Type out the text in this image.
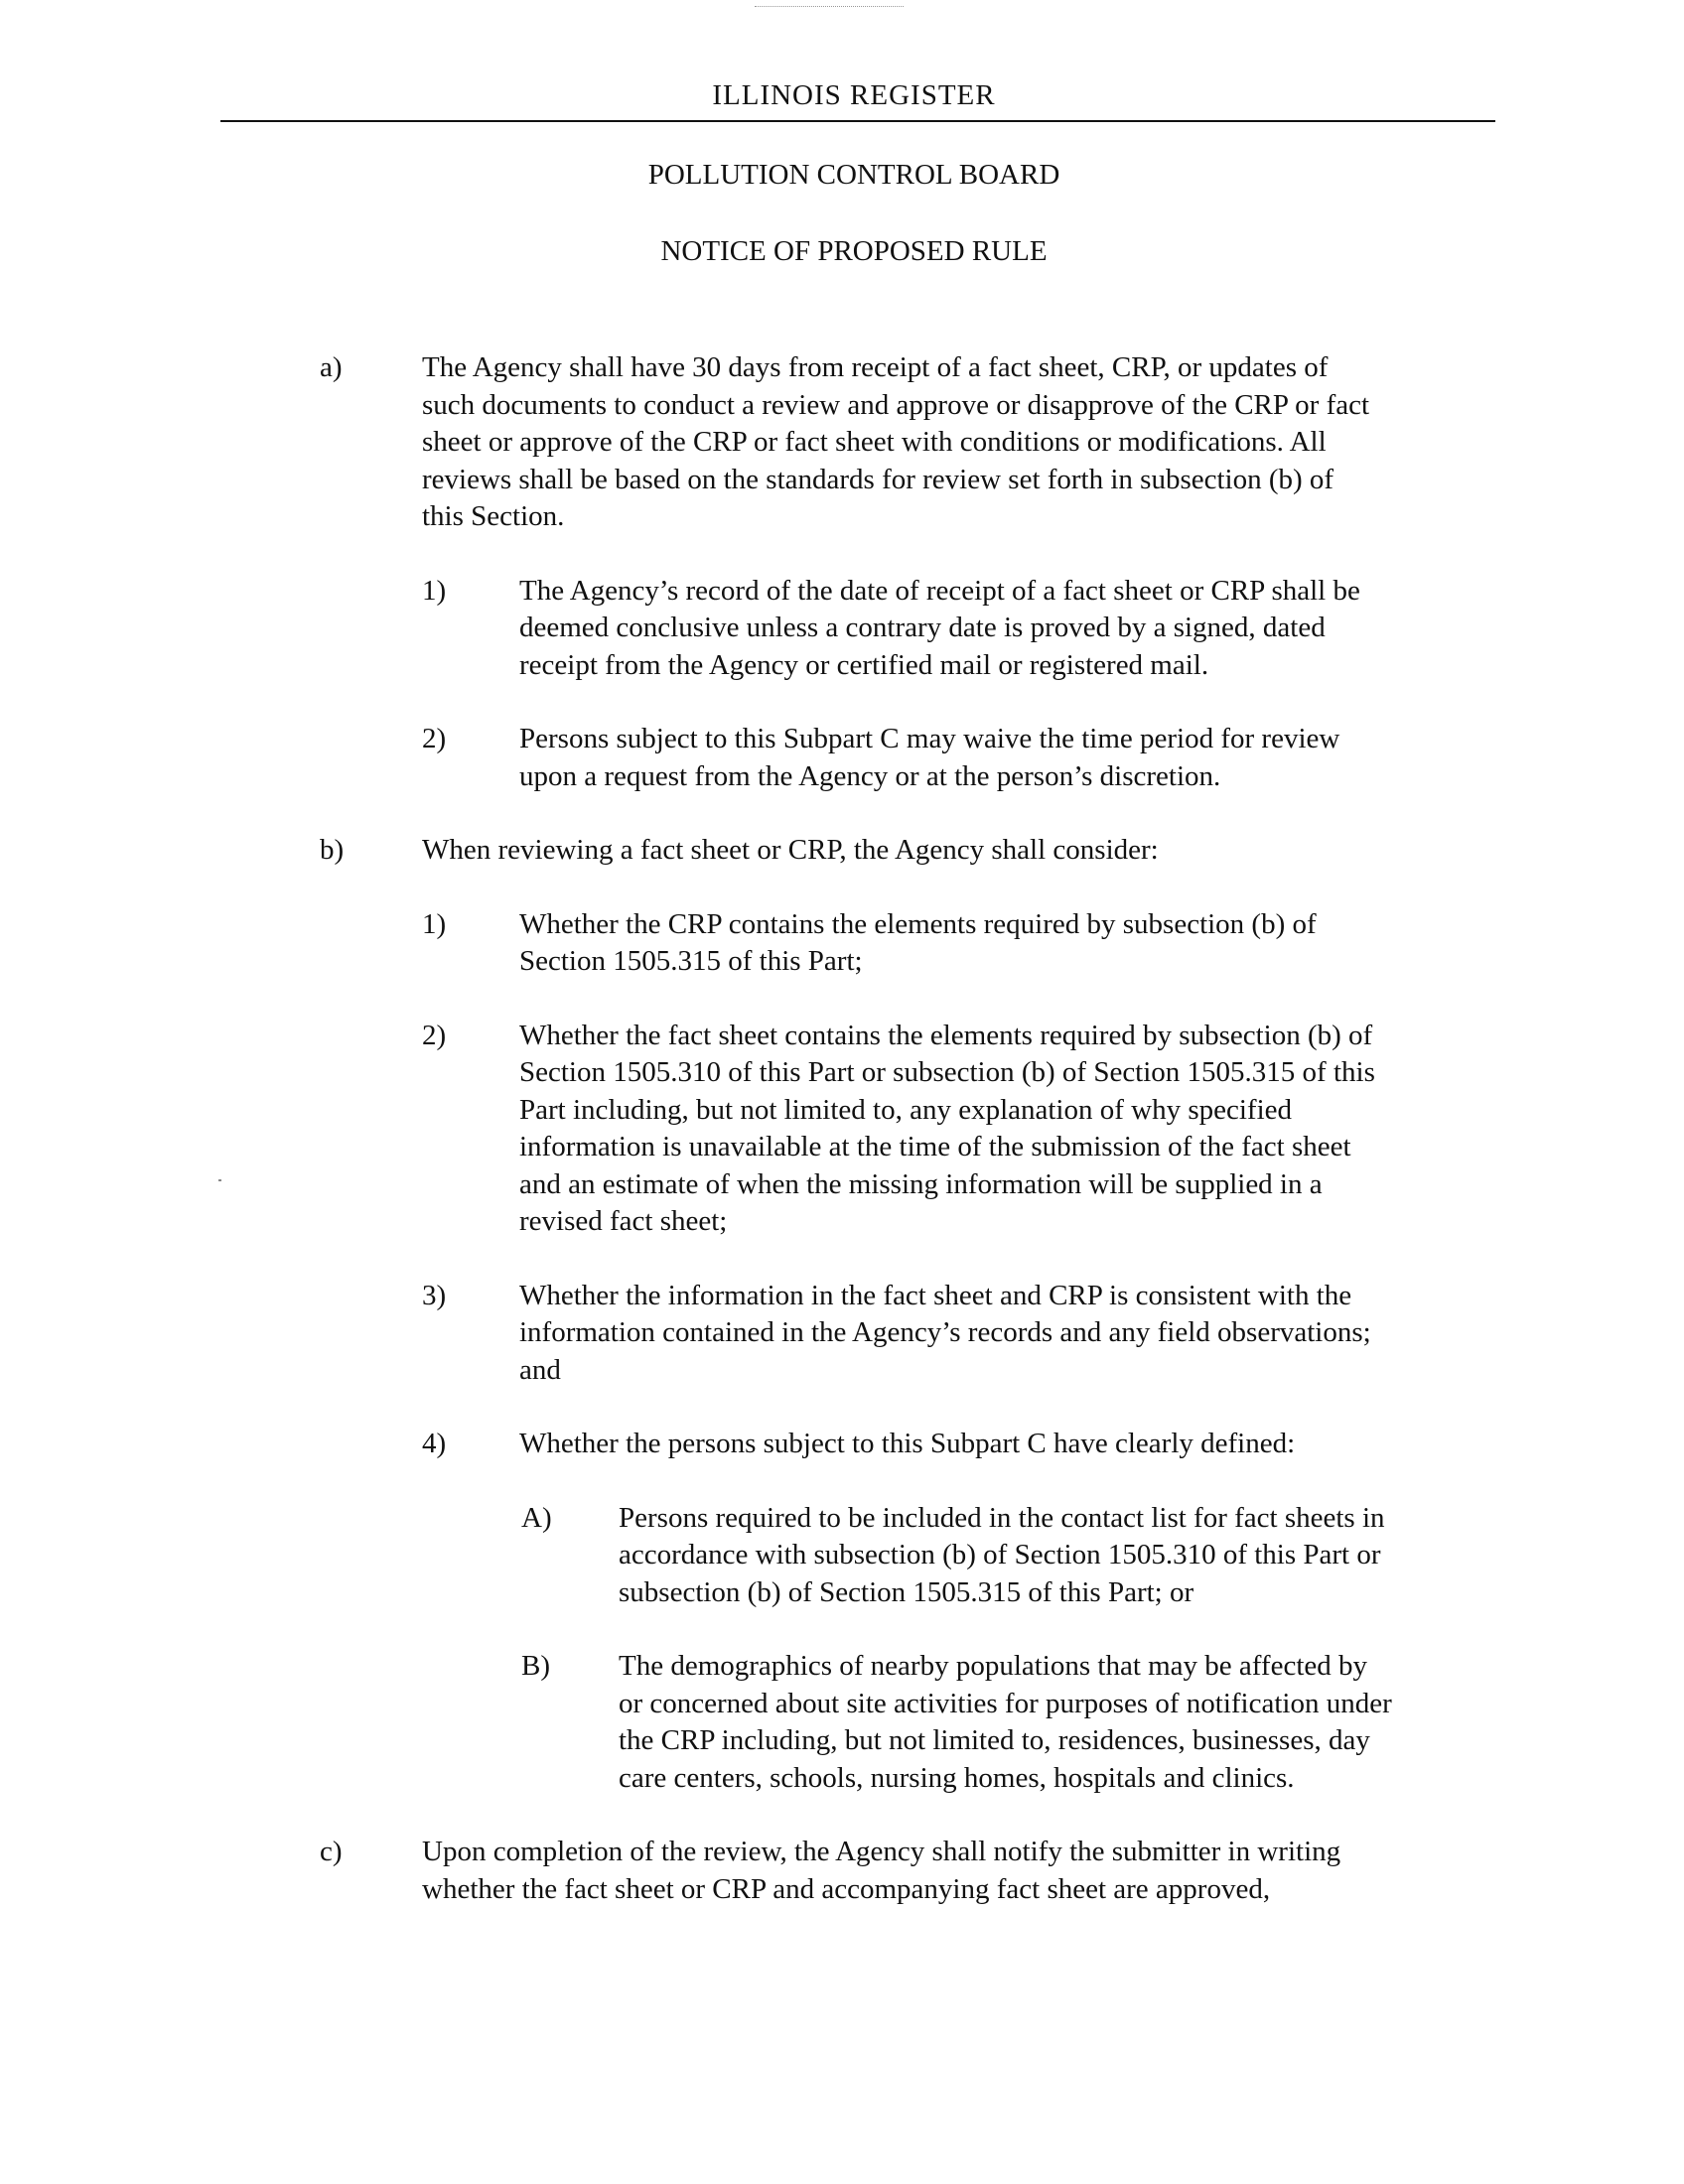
ILLINOIS REGISTER
POLLUTION CONTROL BOARD
NOTICE OF PROPOSED RULE
a)	The Agency shall have 30 days from receipt of a fact sheet, CRP, or updates of
such documents to conduct a review and approve or disapprove of the CRP or fact
sheet or approve of the CRP or fact sheet with conditions or modifications. All
reviews shall be based on the standards for review set forth in subsection (b) of
this Section.
1)	The Agency’s record of the date of receipt of a fact sheet or CRP shall be
deemed conclusive unless a contrary date is proved by a signed, dated
receipt from the Agency or certified mail or registered mail.
2)	Persons subject to this Subpart C may waive the time period for review
upon a request from the Agency or at the person’s discretion.
b)	When reviewing a fact sheet or CRP, the Agency shall consider:
1)	Whether the CRP contains the elements required by subsection (b) of
Section 1505.315 of this Part;
2)	Whether the fact sheet contains the elements required by subsection (b) of
Section 1505.310 of this Part or subsection (b) of Section 1505.315 of this
Part including, but not limited to, any explanation of why specified
information is unavailable at the time of the submission of the fact sheet
and an estimate of when the missing information will be supplied in a
revised fact sheet;
3)	Whether the information in the fact sheet and CRP is consistent with the
information contained in the Agency’s records and any field observations;
and
4)	Whether the persons subject to this Subpart C have clearly defined:
A) Persons required to be included in the contact list for fact sheets in
accordance with subsection (b) of Section 1505.310 of this Part or
subsection (b) of Section 1505.315 of this Part; or
B) The demographics of nearby populations that may be affected by
or concerned about site activities for purposes of notification under
the CRP including, but not limited to, residences, businesses, day
care centers, schools, nursing homes, hospitals and clinics.
c)	Upon completion of the review, the Agency shall notify the submitter in writing
whether the fact sheet or CRP and accompanying fact sheet are approved,
